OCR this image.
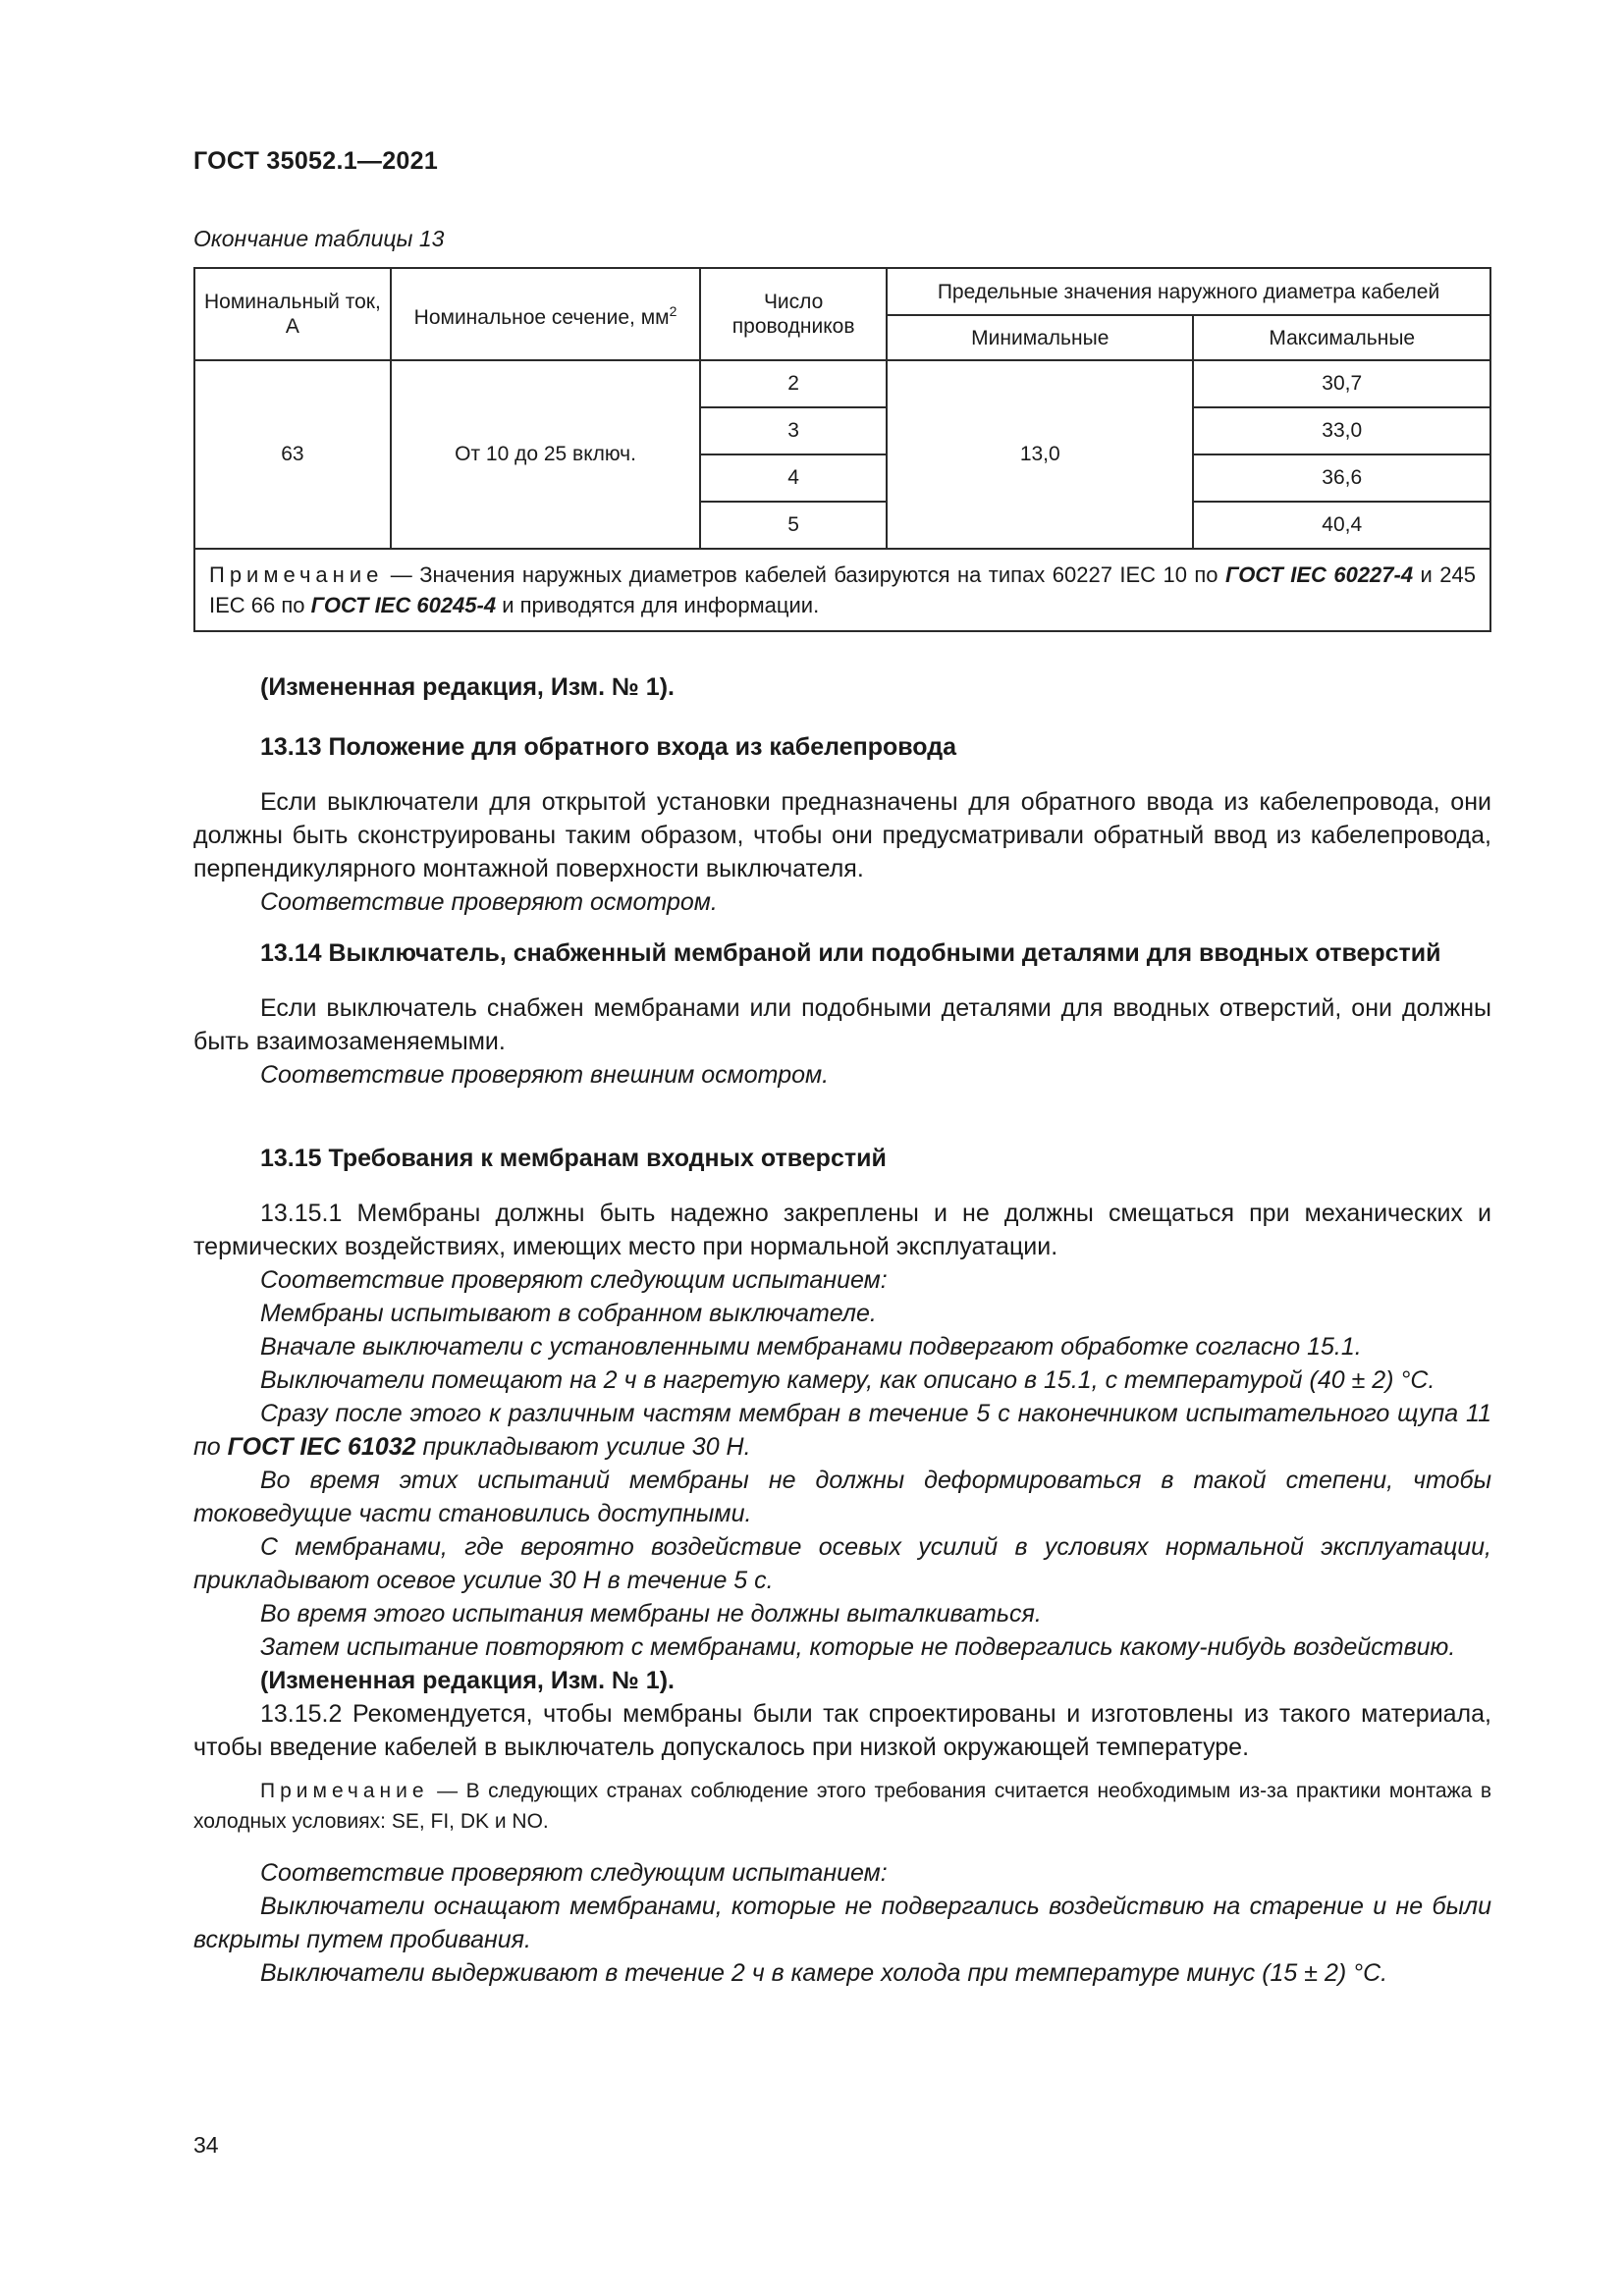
ГОСТ 35052.1—2021
Окончание таблицы 13
Номинальный ток, А	Номинальное сечение, $мм^2$	Число проводников	Предельные значения наружного диаметра кабелей	
			Минимальные	Максимальные
63	От 10 до 25 включ.	2	13,0	30,7
		3		33,0
		4		36,6
		5		40,4
Примечание — Значения наружных диаметров кабелей базируются на типах 60227 IEC 10 по ГОСТ IEC 60227-4 и 245 IEC 66 по ГОСТ IEC 60245-4 и приводятся для информации.				

(Измененная редакция, Изм. № 1).

13.13 Положение для обратного входа из кабелепровода

Если выключатели для открытой установки предназначены для обратного ввода из кабелепровода, они должны быть сконструированы таким образом, чтобы они предусматривали обратный ввод из кабелепровода, перпендикулярного монтажной поверхности выключателя.

Соответствие проверяют осмотром.

13.14 Выключатель, снабженный мембраной или подобными деталями для вводных отверстий

Если выключатель снабжен мембранами или подобными деталями для вводных отверстий, они должны быть взаимозаменяемыми.

Соответствие проверяют внешним осмотром.

13.15 Требования к мембранам входных отверстий

13.15.1 Мембраны должны быть надежно закреплены и не должны смещаться при механических и термических воздействиях, имеющих место при нормальной эксплуатации.

Соответствие проверяют следующим испытанием:

Мембраны испытывают в собранном выключателе.

Вначале выключатели с установленными мембранами подвергают обработке согласно 15.1.

Выключатели помещают на 2 ч в нагретую камеру, как описано в 15.1, с температурой (40 ± 2) °С.

Сразу после этого к различным частям мембран в течение 5 с наконечником испытательного щупа 11 по ГОСТ IEC 61032 прикладывают усилие 30 Н.

Во время этих испытаний мембраны не должны деформироваться в такой степени, чтобы токоведущие части становились доступными.

С мембранами, где вероятно воздействие осевых усилий в условиях нормальной эксплуатации, прикладывают осевое усилие 30 Н в течение 5 с.

Во время этого испытания мембраны не должны выталкиваться.

Затем испытание повторяют с мембранами, которые не подвергались какому-нибудь воздействию.

(Измененная редакция, Изм. № 1).

13.15.2 Рекомендуется, чтобы мембраны были так спроектированы и изготовлены из такого материала, чтобы введение кабелей в выключатель допускалось при низкой окружающей температуре.

Примечание — В следующих странах соблюдение этого требования считается необходимым из-за практики монтажа в холодных условиях: SE, FI, DK и NO.

Соответствие проверяют следующим испытанием:

Выключатели оснащают мембранами, которые не подвергались воздействию на старение и не были вскрыты путем пробивания.

Выключатели выдерживают в течение 2 ч в камере холода при температуре минус (15 ± 2) °С.

34
